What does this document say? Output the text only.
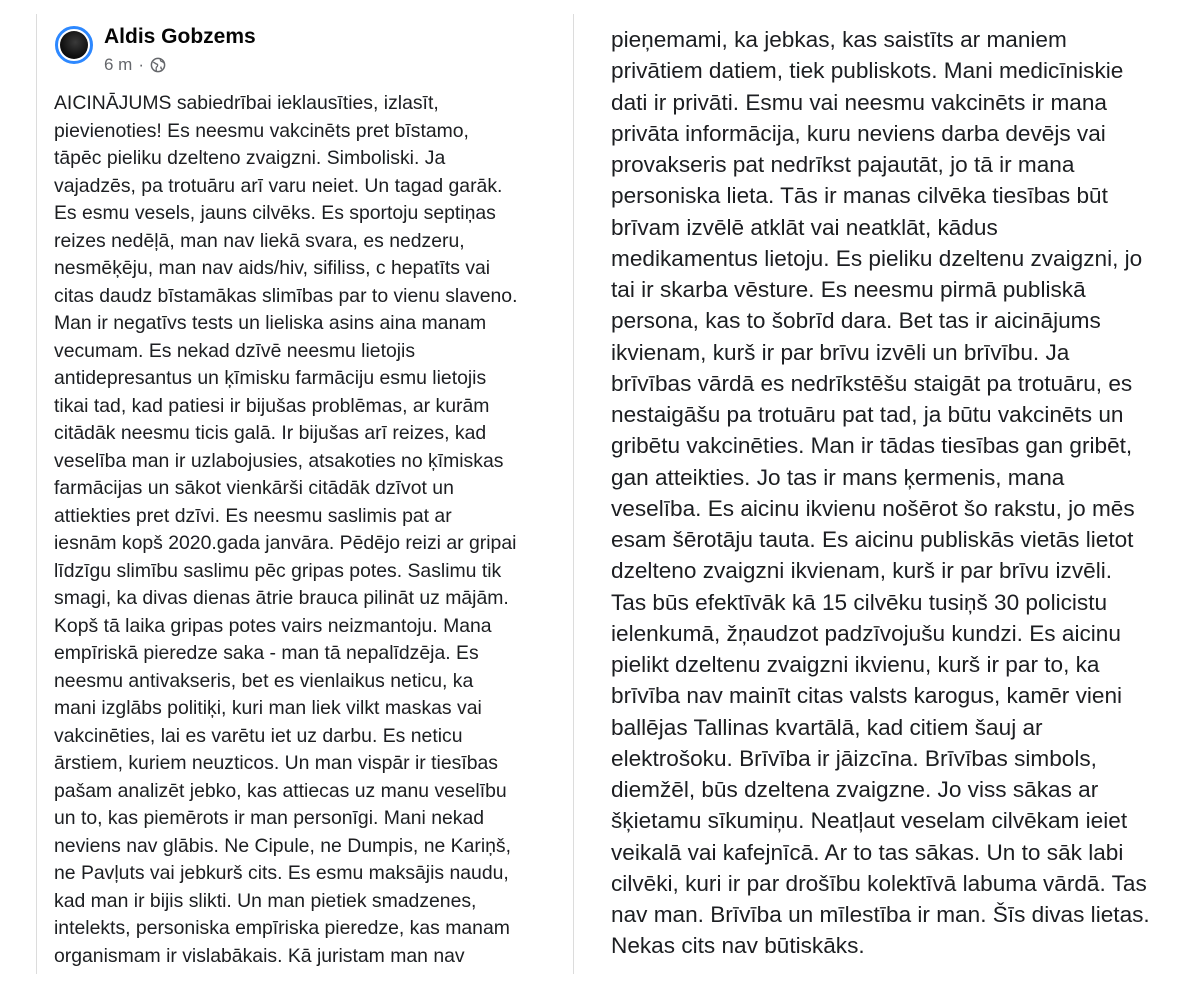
Aldis Gobzems
6 m ·

AICINĀJUMS sabiedrībai ieklausīties, izlasīt,
pievienoties! Es neesmu vakcinēts pret bīstamo,
tāpēc pieliku dzelteno zvaigzni. Simboliski. Ja
vajadzēs, pa trotuāru arī varu neiet. Un tagad garāk.
Es esmu vesels, jauns cilvēks. Es sportoju septiņas
reizes nedēļā, man nav liekā svara, es nedzeru,
nesmēķēju, man nav aids/hiv, sifiliss, c hepatīts vai
citas daudz bīstamākas slimības par to vienu slaveno.
Man ir negatīvs tests un lieliska asins aina manam
vecumam. Es nekad dzīvē neesmu lietojis
antidepresantus un ķīmisku farmāciju esmu lietojis
tikai tad, kad patiesi ir bijušas problēmas, ar kurām
citādāk neesmu ticis galā. Ir bijušas arī reizes, kad
veselība man ir uzlabojusies, atsakoties no ķīmiskas
farmācijas un sākot vienkārši citādāk dzīvot un
attiekties pret dzīvi. Es neesmu saslimis pat ar
iesnām kopš 2020.gada janvāra. Pēdējo reizi ar gripai
līdzīgu slimību saslimu pēc gripas potes. Saslimu tik
smagi, ka divas dienas ātrie brauca pilināt uz mājām.
Kopš tā laika gripas potes vairs neizmantoju. Mana
empīriskā pieredze saka - man tā nepalīdzēja. Es
neesmu antivakseris, bet es vienlaikus neticu, ka
mani izglābs politiķi, kuri man liek vilkt maskas vai
vakcinēties, lai es varētu iet uz darbu. Es neticu
ārstiem, kuriem neuzticos. Un man vispār ir tiesības
pašam analizēt jebko, kas attiecas uz manu veselību
un to, kas piemērots ir man personīgi. Mani nekad
neviens nav glābis. Ne Cipule, ne Dumpis, ne Kariņš,
ne Pavļuts vai jebkurš cits. Es esmu maksājis naudu,
kad man ir bijis slikti. Un man pietiek smadzenes,
intelekts, personiska empīriska pieredze, kas manam
organismam ir vislabākais. Kā juristam man nav

pieņemami, ka jebkas, kas saistīts ar maniem
privātiem datiem, tiek publiskots. Mani medicīniskie
dati ir privāti. Esmu vai neesmu vakcinēts ir mana
privāta informācija, kuru neviens darba devējs vai
provakseris pat nedrīkst pajautāt, jo tā ir mana
personiska lieta. Tās ir manas cilvēka tiesības būt
brīvam izvēlē atklāt vai neatklāt, kādus
medikamentus lietoju. Es pieliku dzeltenu zvaigzni, jo
tai ir skarba vēsture. Es neesmu pirmā publiskā
persona, kas to šobrīd dara. Bet tas ir aicinājums
ikvienam, kurš ir par brīvu izvēli un brīvību. Ja
brīvības vārdā es nedrīkstēšu staigāt pa trotuāru, es
nestaigāšu pa trotuāru pat tad, ja būtu vakcinēts un
gribētu vakcinēties. Man ir tādas tiesības gan gribēt,
gan atteikties. Jo tas ir mans ķermenis, mana
veselība. Es aicinu ikvienu nošērot šo rakstu, jo mēs
esam šērotāju tauta. Es aicinu publiskās vietās lietot
dzelteno zvaigzni ikvienam, kurš ir par brīvu izvēli.
Tas būs efektīvāk kā 15 cilvēku tusiņš 30 policistu
ielenkumā, žņaudzot padzīvojušu kundzi. Es aicinu
pielikt dzeltenu zvaigzni ikvienu, kurš ir par to, ka
brīvība nav mainīt citas valsts karogus, kamēr vieni
ballējas Tallinas kvartālā, kad citiem šauj ar
elektrošoku. Brīvība ir jāizcīna. Brīvības simbols,
diemžēl, būs dzeltena zvaigzne. Jo viss sākas ar
šķietamu sīkumiņu. Neatļaut veselam cilvēkam ieiet
veikalā vai kafejnīcā. Ar to tas sākas. Un to sāk labi
cilvēki, kuri ir par drošību kolektīvā labuma vārdā. Tas
nav man. Brīvība un mīlestība ir man. Šīs divas lietas.
Nekas cits nav būtiskāks.
